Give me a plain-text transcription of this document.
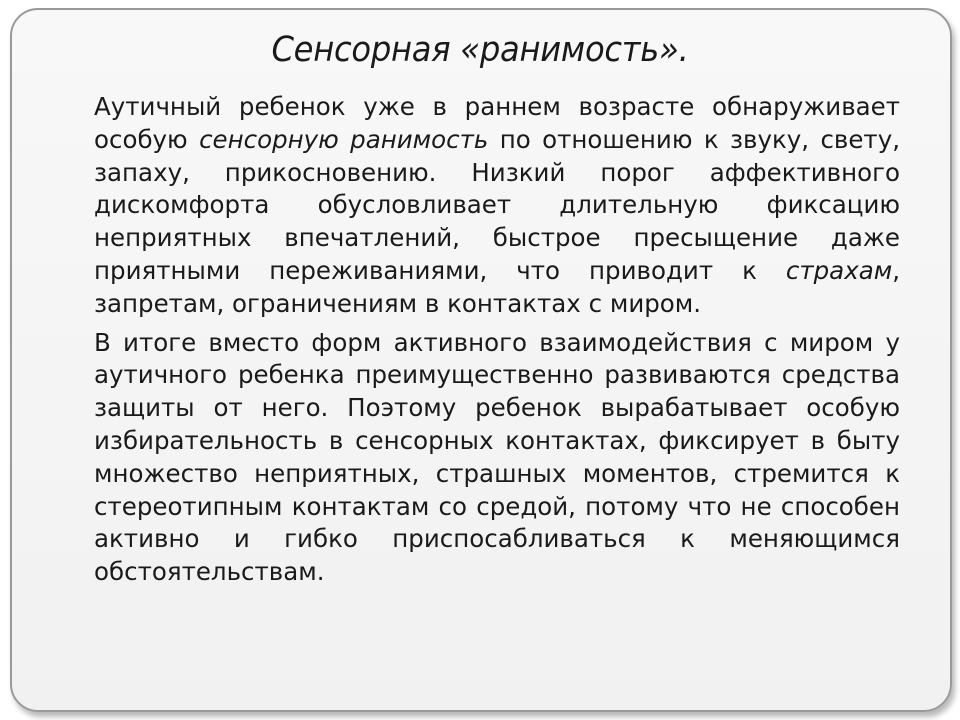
Сенсорная «ранимость».

Аутичный ребенок уже в раннем возрасте обнаруживает особую сенсорную ранимость по отношению к звуку, свету, запаху, прикосновению. Низкий порог аффективного дискомфорта обусловливает длительную фиксацию неприятных впечатлений, быстрое пресыщение даже приятными переживаниями, что приводит к страхам, запретам, ограничениям в контактах с миром.

В итоге вместо форм активного взаимодействия с миром у аутичного ребенка преимущественно развиваются средства защиты от него. Поэтому ребенок вырабатывает особую избирательность в сенсорных контактах, фиксирует в быту множество неприятных, страшных моментов, стремится к стереотипным контактам со средой, потому что не способен активно и гибко приспосабливаться к меняющимся обстоятельствам.
